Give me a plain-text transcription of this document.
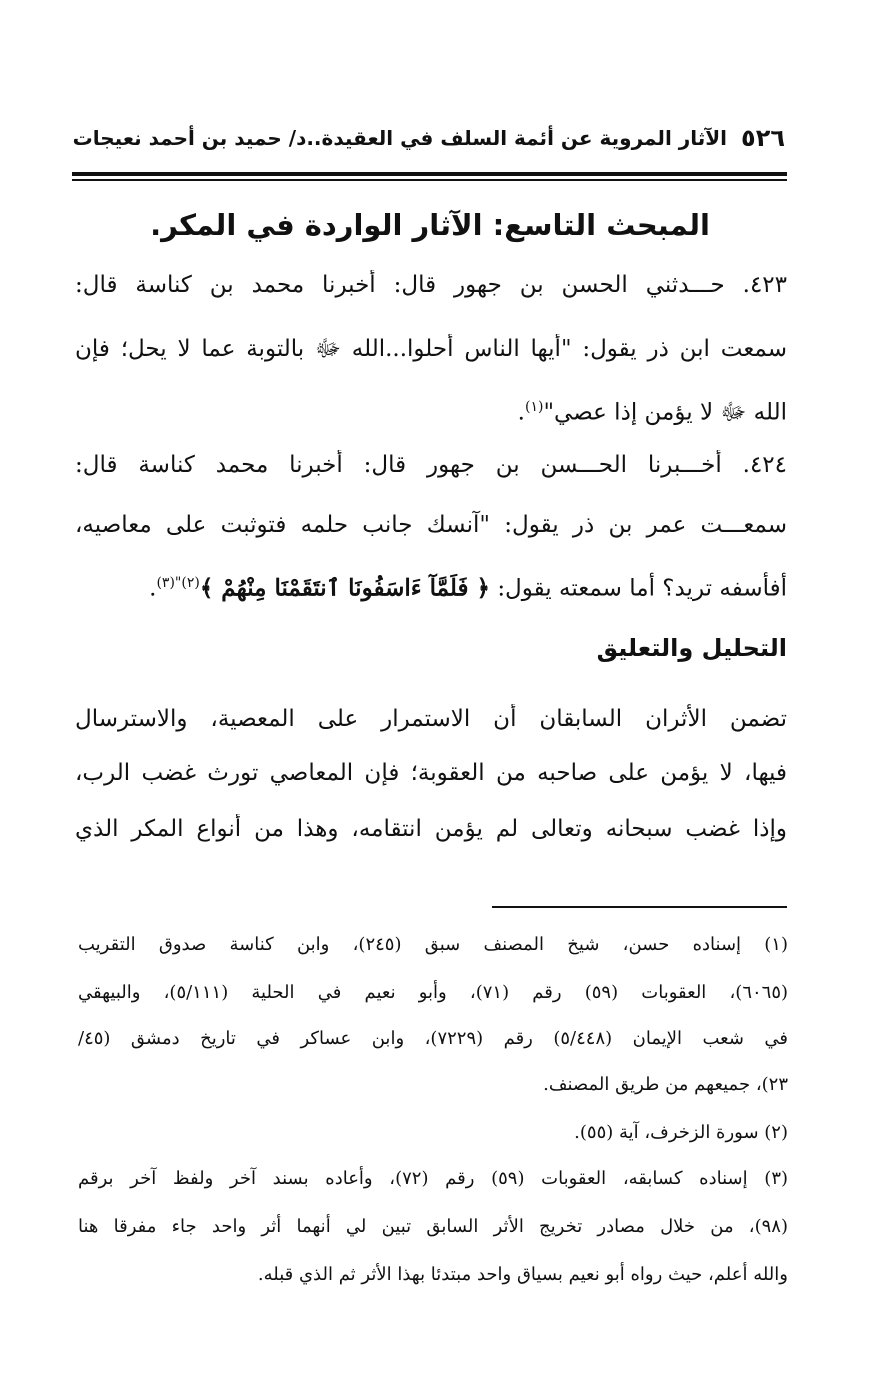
٥٢٦
الآثار المروية عن أئمة السلف في العقيدة..د/ حميد بن أحمد نعيجات
المبحث التاسع: الآثار الواردة في المكر.
٤٢٣. حـــدثني الحسن بن جهور قال: أخبرنا محمد بن كناسة قال:
سمعت ابن ذر يقول: "أيها الناس أحلوا...الله ﷻ بالتوبة عما لا يحل؛ فإن
الله ﷻ لا يؤمن إذا عصي"$^{(١)}$.
٤٢٤. أخـــبرنا الحـــسن بن جهور قال: أخبرنا محمد كناسة قال:
سمعـــت عمر بن ذر يقول: "آنسك جانب حلمه فتوثبت على معاصيه،
أفأسفه تريد؟ أما سمعته يقول: ﴿ فَلَمَّآ ءَاسَفُونَا ٱنتَقَمْنَا مِنْهُمْ ﴾$^{(٢)"(٣)}$.
التحليل والتعليق
تضمن الأثران السابقان أن الاستمرار على المعصية، والاسترسال
فيها، لا يؤمن على صاحبه من العقوبة؛ فإن المعاصي تورث غضب الرب،
وإذا غضب سبحانه وتعالى لم يؤمن انتقامه، وهذا من أنواع المكر الذي
(١) إسناده حسن، شيخ المصنف سبق (٢٤٥)، وابن كناسة صدوق التقريب
(٦٠٦٥)، العقوبات (٥٩) رقم (٧١)، وأبو نعيم في الحلية (٥/١١١)، والبيهقي
في شعب الإيمان (٥/٤٤٨) رقم (٧٢٢٩)، وابن عساكر في تاريخ دمشق (٤٥/
٢٣)، جميعهم من طريق المصنف.
(٢) سورة الزخرف، آية (٥٥).
(٣) إسناده كسابقه، العقوبات (٥٩) رقم (٧٢)، وأعاده بسند آخر ولفظ آخر برقم
(٩٨)، من خلال مصادر تخريج الأثر السابق تبين لي أنهما أثر واحد جاء مفرقا هنا
والله أعلم، حيث رواه أبو نعيم بسياق واحد مبتدئا بهذا الأثر ثم الذي قبله.
